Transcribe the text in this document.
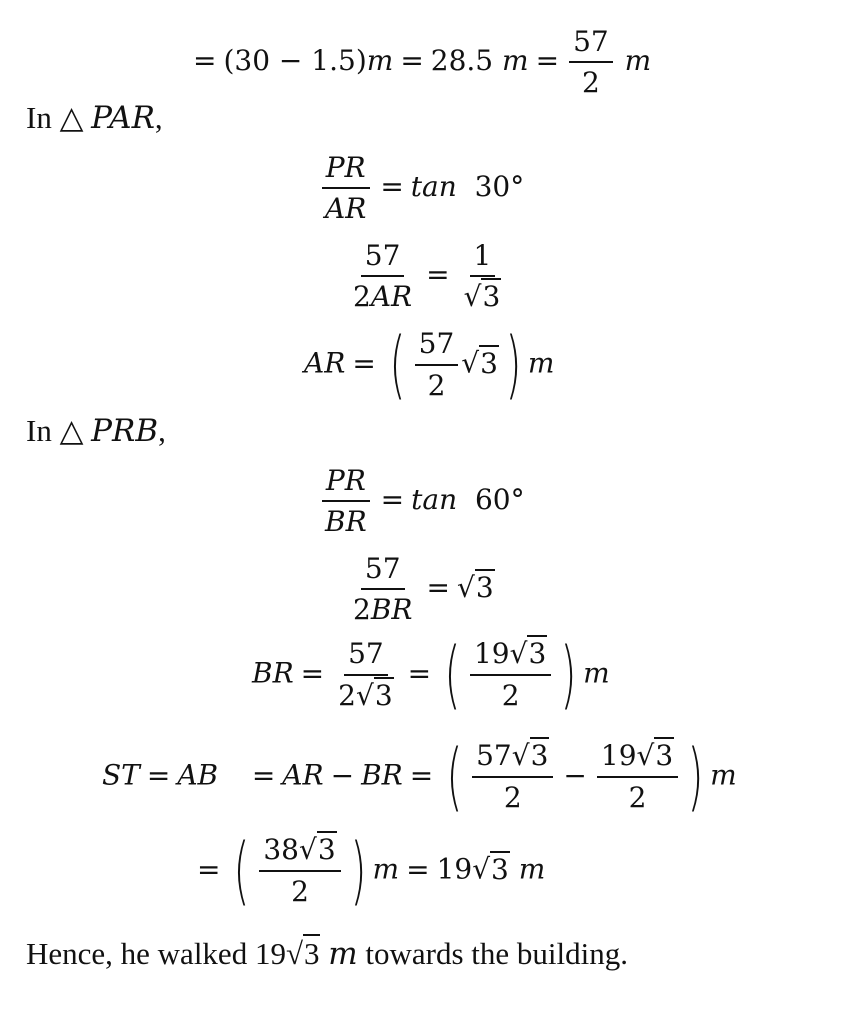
= (30 − 1.5)m = 28.5 $m = \frac{57}{2}$ m
In △ PAR,
$\frac{PR}{AR} = \tan 30^\circ$
$\frac{57}{2AR} = \frac{1}{√3}$
AR = ( $\frac{57}{2} √3$ ) m
In △ PRB,
$\frac{PR}{BR} = \tan 60^\circ$
$\frac{57}{2BR} = √3$
BR = $\frac{57}{2√3}$ = ( $\frac{19√3}{2}$ ) m
ST = AB = AR − BR = ( $\frac{57√3}{2} - \frac{19√3}{2}$ ) m
= ( $\frac{38√3}{2}$ ) m = 19√3 m
Hence, he walked 19√3 m towards the building.
